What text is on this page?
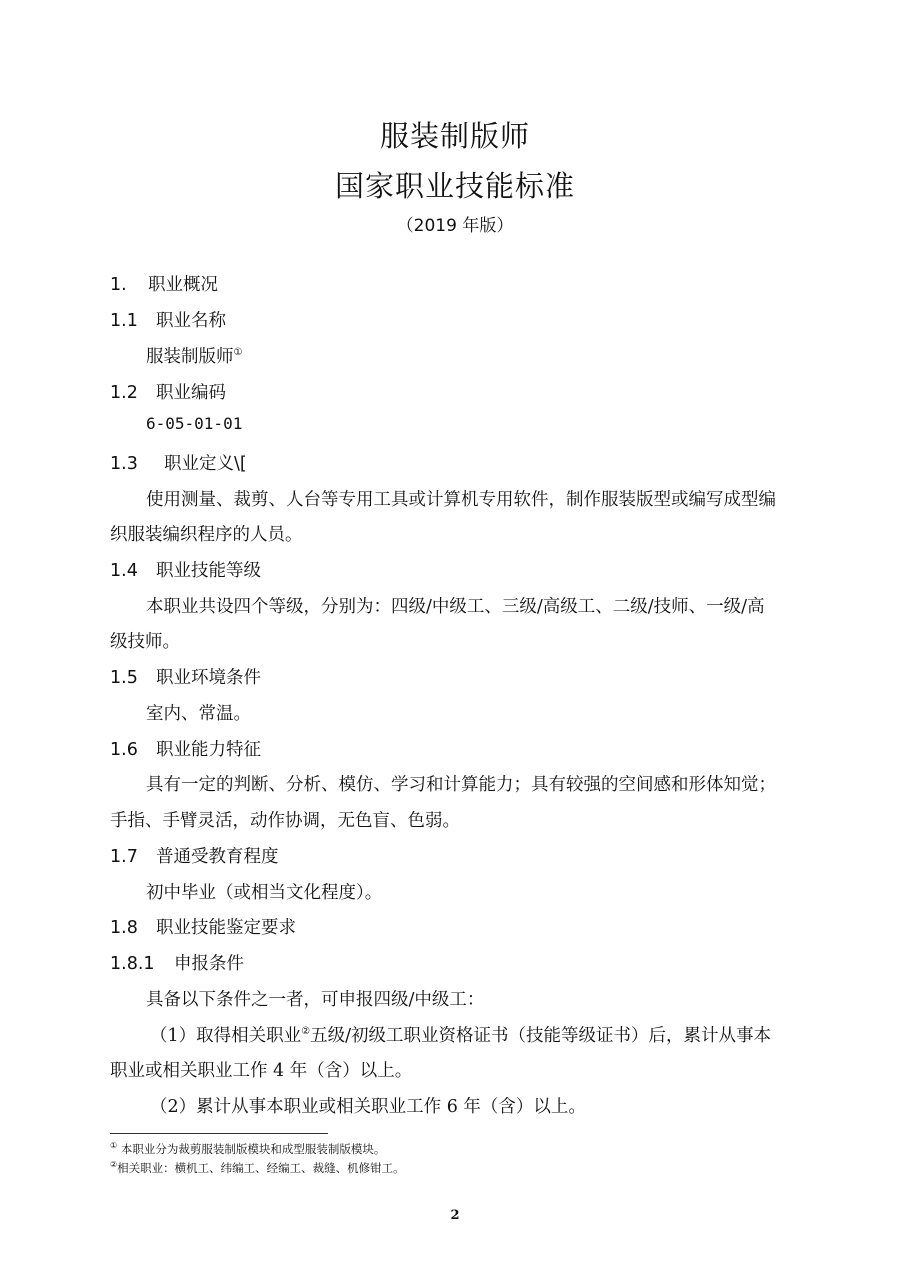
服装制版师
国家职业技能标准
（2019 年版）
1. 职业概况
1.1 职业名称
服装制版师①
1.2 职业编码
6-05-01-01
1.3 职业定义\[
使用测量、裁剪、人台等专用工具或计算机专用软件，制作服装版型或编写成型编
织服装编织程序的人员。
1.4 职业技能等级
本职业共设四个等级，分别为：四级/中级工、三级/高级工、二级/技师、一级/高
级技师。
1.5 职业环境条件
室内、常温。
1.6 职业能力特征
具有一定的判断、分析、模仿、学习和计算能力；具有较强的空间感和形体知觉；
手指、手臂灵活，动作协调，无色盲、色弱。
1.7 普通受教育程度
初中毕业（或相当文化程度）。
1.8 职业技能鉴定要求
1.8.1 申报条件
具备以下条件之一者，可申报四级/中级工：
（1）取得相关职业②五级/初级工职业资格证书（技能等级证书）后，累计从事本
职业或相关职业工作 4 年（含）以上。
（2）累计从事本职业或相关职业工作 6 年（含）以上。
① 本职业分为裁剪服装制版模块和成型服装制版模块。
②相关职业：横机工、纬编工、经编工、裁缝、机修钳工。
2
